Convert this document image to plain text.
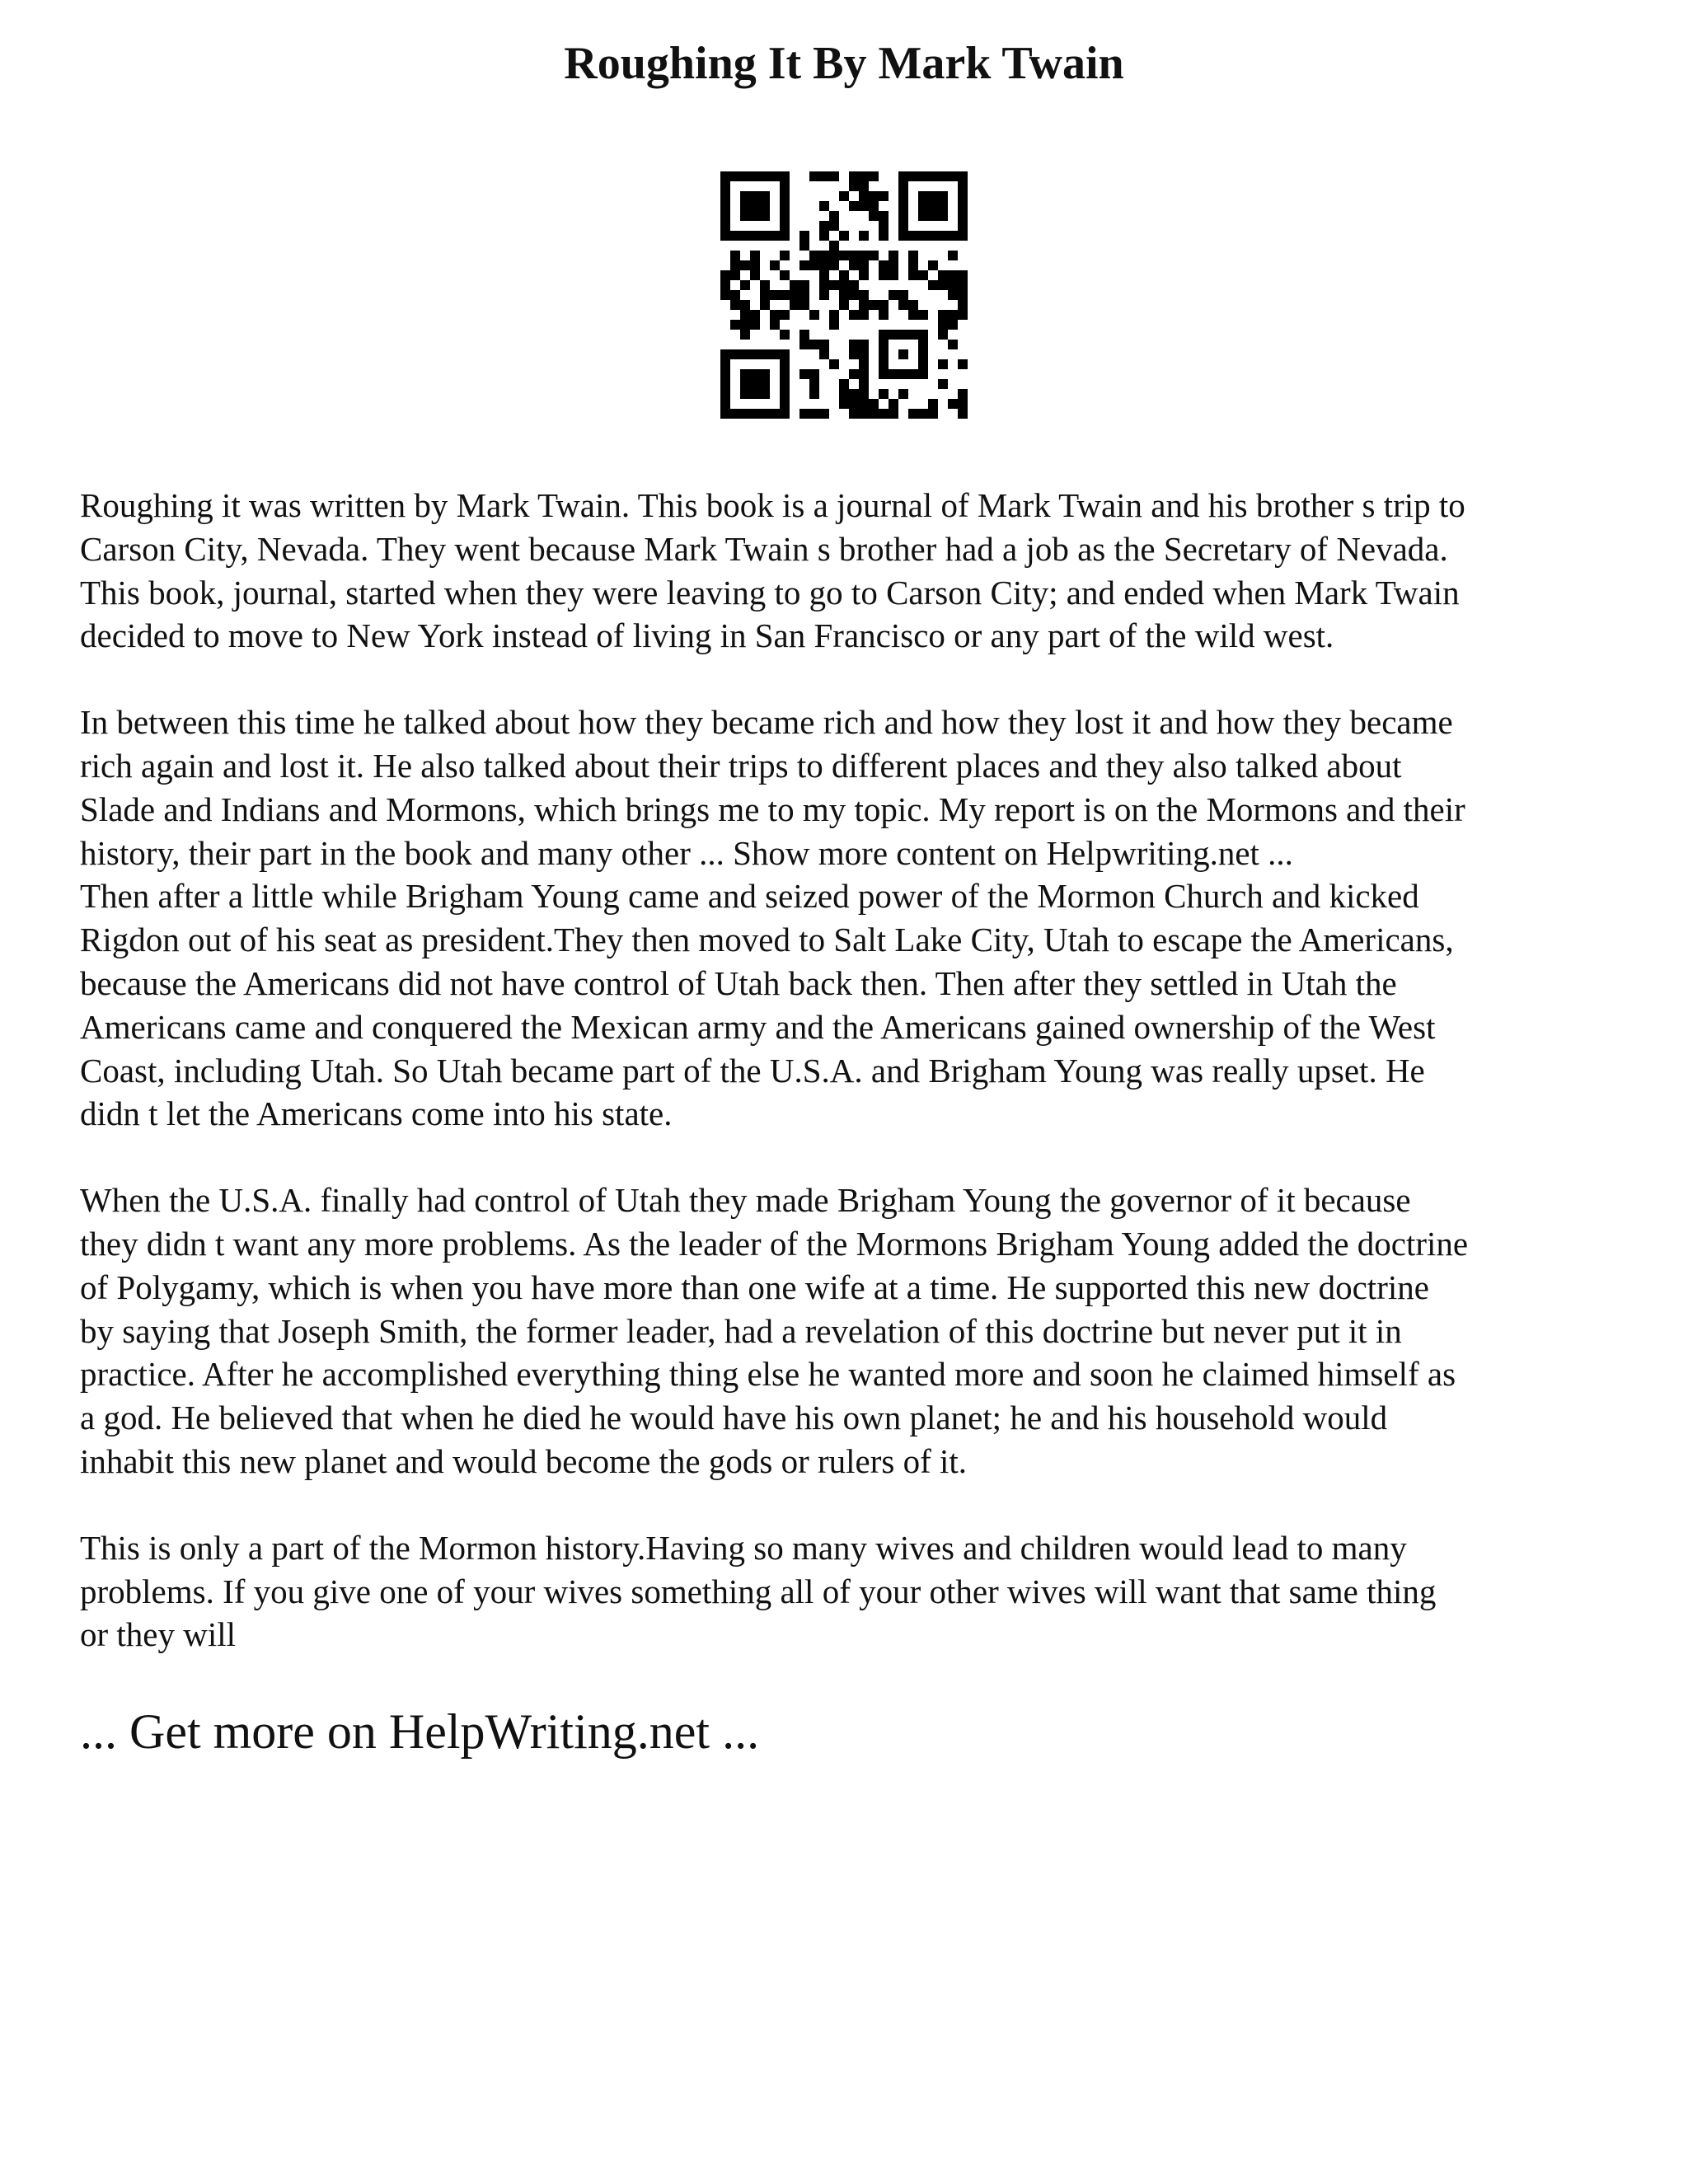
Roughing It By Mark Twain

Roughing it was written by Mark Twain. This book is a journal of Mark Twain and his brother s trip to
Carson City, Nevada. They went because Mark Twain s brother had a job as the Secretary of Nevada.
This book, journal, started when they were leaving to go to Carson City; and ended when Mark Twain
decided to move to New York instead of living in San Francisco or any part of the wild west.

In between this time he talked about how they became rich and how they lost it and how they became
rich again and lost it. He also talked about their trips to different places and they also talked about
Slade and Indians and Mormons, which brings me to my topic. My report is on the Mormons and their
history, their part in the book and many other ... Show more content on Helpwriting.net ...
Then after a little while Brigham Young came and seized power of the Mormon Church and kicked
Rigdon out of his seat as president.They then moved to Salt Lake City, Utah to escape the Americans,
because the Americans did not have control of Utah back then. Then after they settled in Utah the
Americans came and conquered the Mexican army and the Americans gained ownership of the West
Coast, including Utah. So Utah became part of the U.S.A. and Brigham Young was really upset. He
didn t let the Americans come into his state.

When the U.S.A. finally had control of Utah they made Brigham Young the governor of it because
they didn t want any more problems. As the leader of the Mormons Brigham Young added the doctrine
of Polygamy, which is when you have more than one wife at a time. He supported this new doctrine
by saying that Joseph Smith, the former leader, had a revelation of this doctrine but never put it in
practice. After he accomplished everything thing else he wanted more and soon he claimed himself as
a god. He believed that when he died he would have his own planet; he and his household would
inhabit this new planet and would become the gods or rulers of it.

This is only a part of the Mormon history.Having so many wives and children would lead to many
problems. If you give one of your wives something all of your other wives will want that same thing
or they will

... Get more on HelpWriting.net ...
